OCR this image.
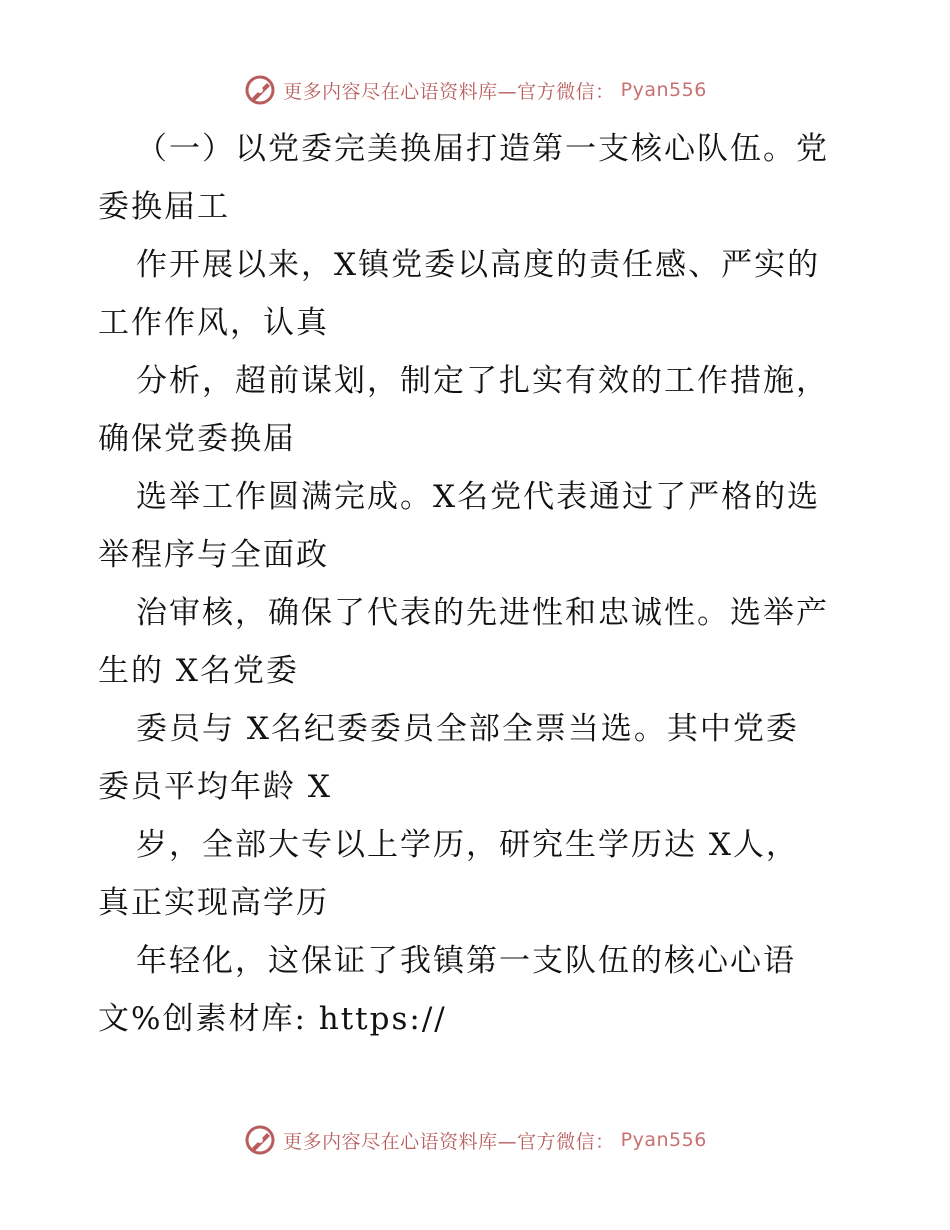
更多内容尽在心语资料库—官方微信： Pyan556
（一）以党委完美换届打造第一支核心队伍。党
委换届工
作开展以来，X镇党委以高度的责任感、严实的
工作作风，认真
分析，超前谋划，制定了扎实有效的工作措施，
确保党委换届
选举工作圆满完成。X名党代表通过了严格的选
举程序与全面政
治审核，确保了代表的先进性和忠诚性。选举产
生的 X名党委
委员与 X名纪委委员全部全票当选。其中党委
委员平均年龄 X
岁，全部大专以上学历，研究生学历达 X人，
真正实现高学历
年轻化，这保证了我镇第一支队伍的核心心语
文%创素材库: https://
更多内容尽在心语资料库—官方微信： Pyan556
